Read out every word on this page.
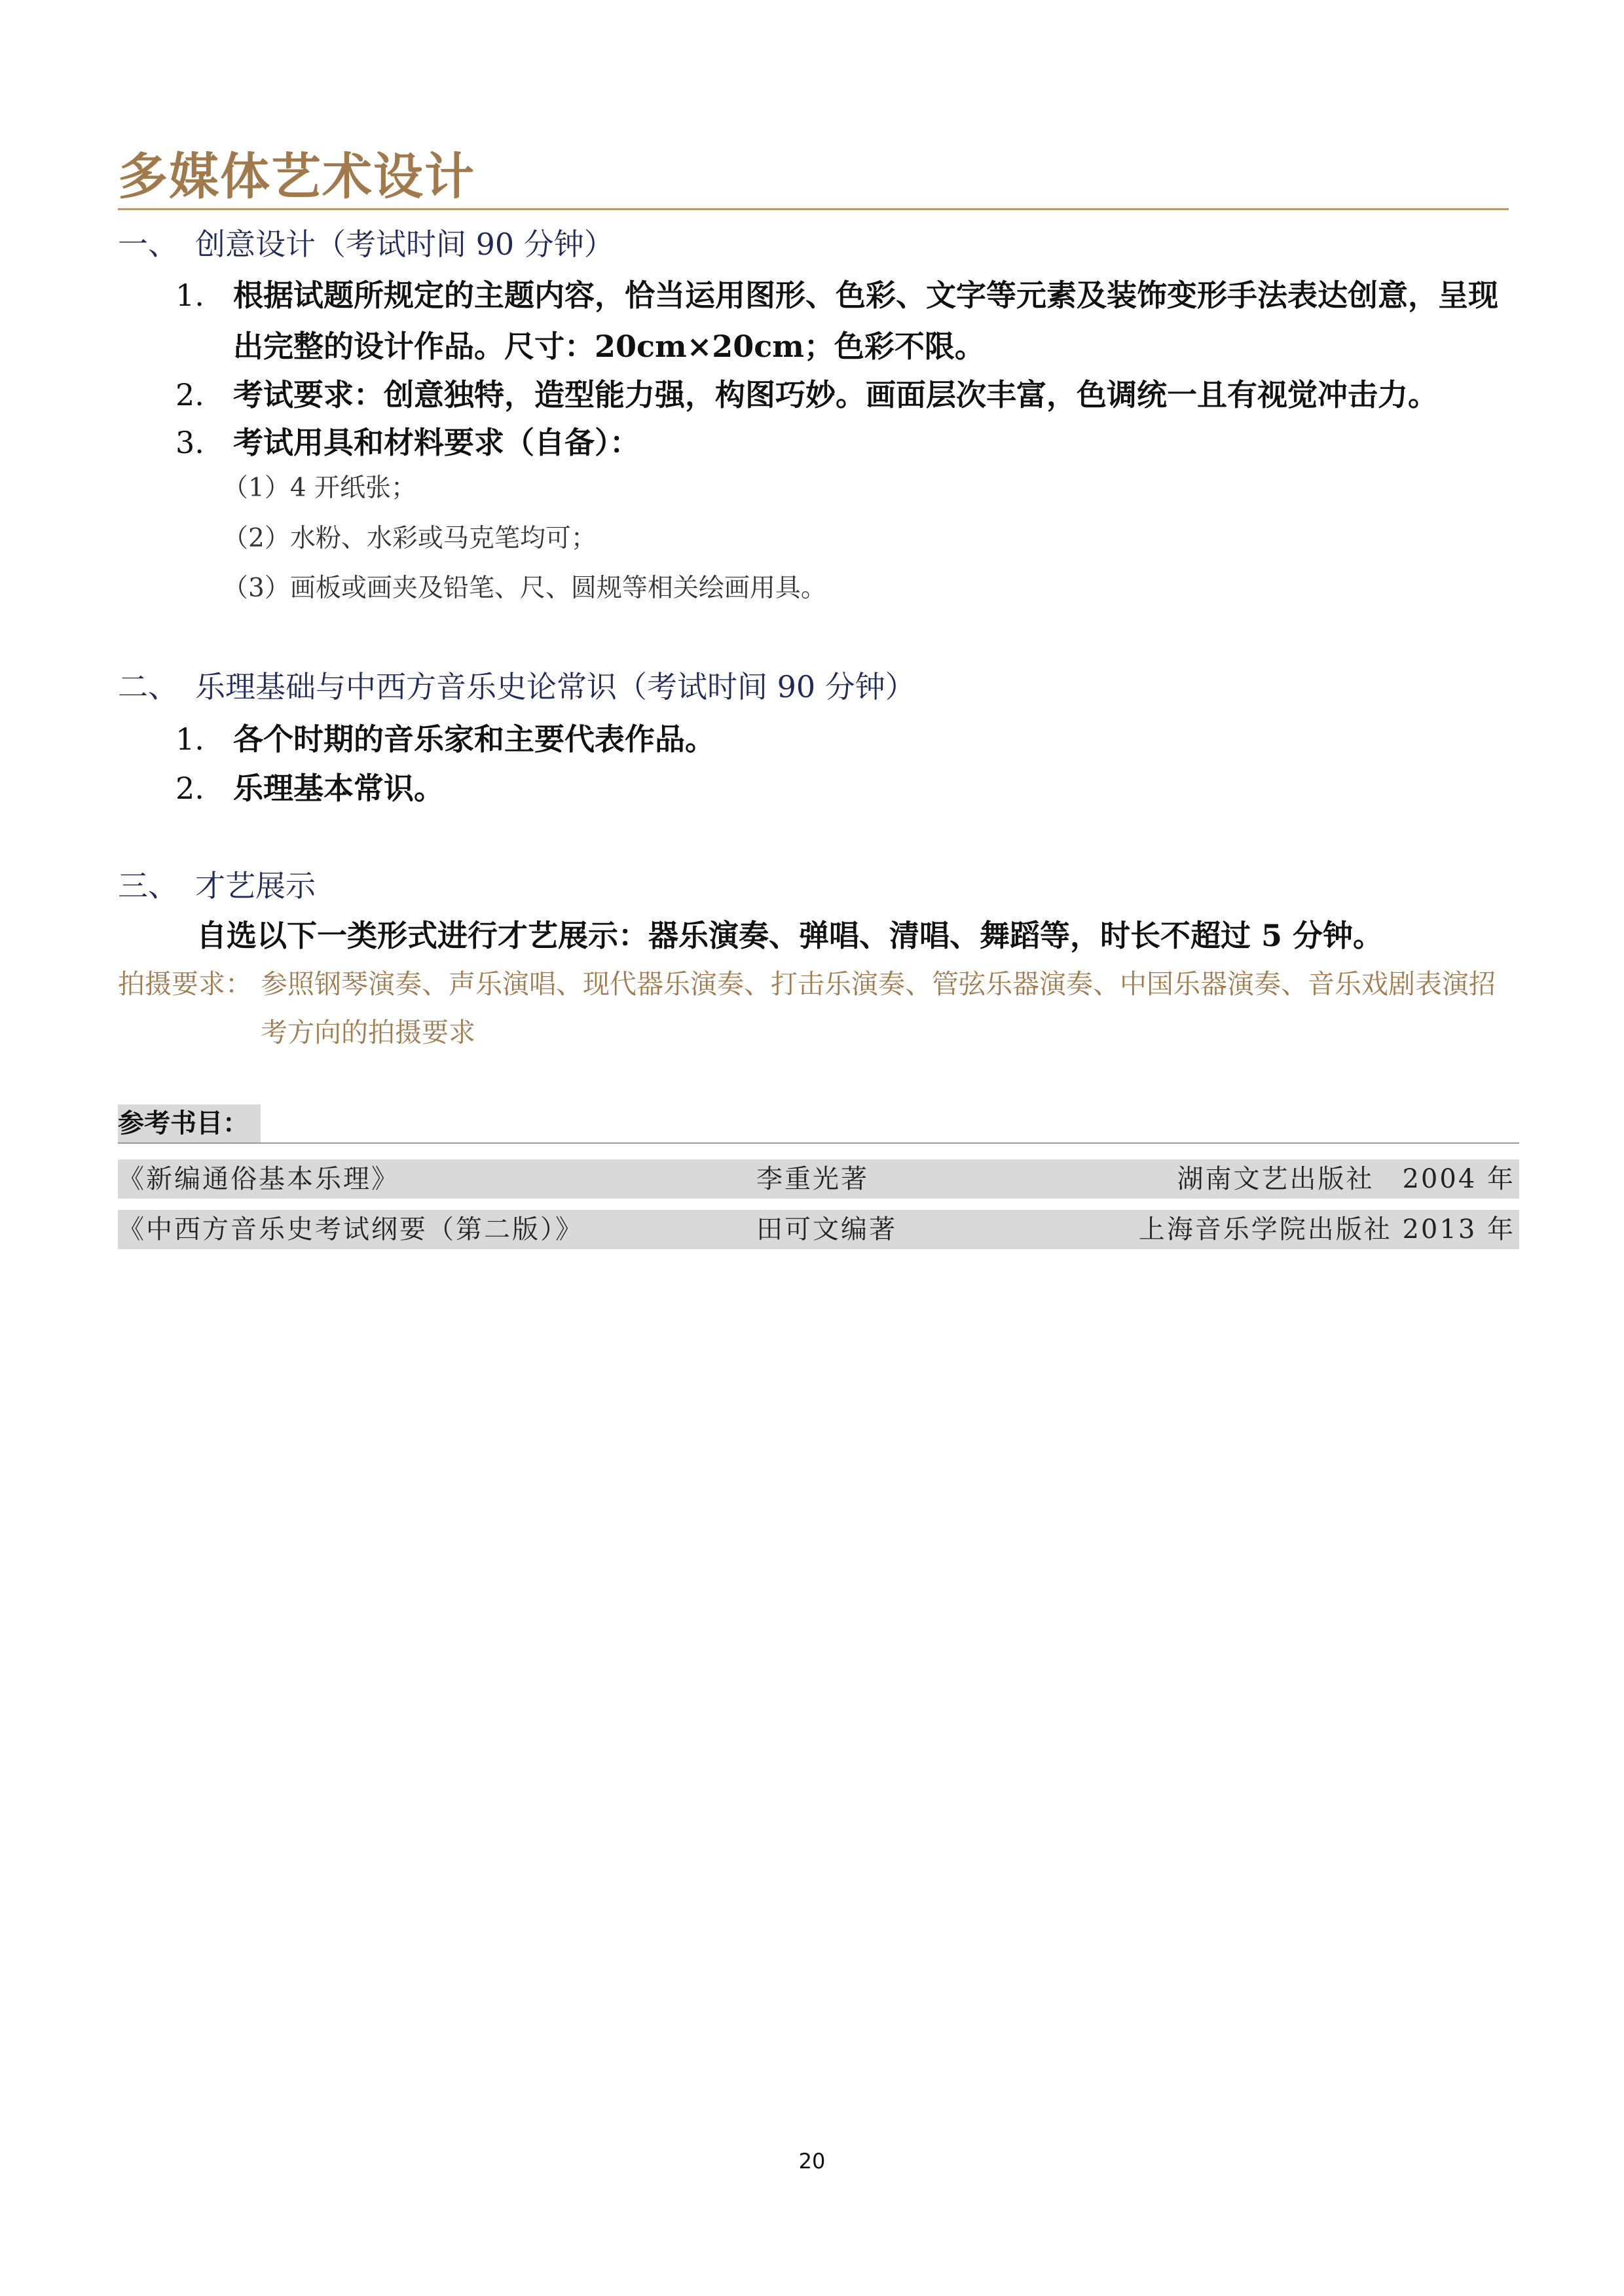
多媒体艺术设计
一、 创意设计（考试时间 90 分钟）
1. 根据试题所规定的主题内容，恰当运用图形、色彩、文字等元素及装饰变形手法表达创意，呈现出完整的设计作品。尺寸：20cm×20cm；色彩不限。
2. 考试要求：创意独特，造型能力强，构图巧妙。画面层次丰富，色调统一且有视觉冲击力。
3. 考试用具和材料要求（自备）：
（1）4 开纸张；
（2）水粉、水彩或马克笔均可；
（3）画板或画夹及铅笔、尺、圆规等相关绘画用具。
二、 乐理基础与中西方音乐史论常识（考试时间 90 分钟）
1. 各个时期的音乐家和主要代表作品。
2. 乐理基本常识。
三、 才艺展示
自选以下一类形式进行才艺展示：器乐演奏、弹唱、清唱、舞蹈等，时长不超过 5 分钟。
拍摄要求： 参照钢琴演奏、声乐演唱、现代器乐演奏、打击乐演奏、管弦乐器演奏、中国乐器演奏、音乐戏剧表演招考方向的拍摄要求
参考书目：
《新编通俗基本乐理》	李重光著	湖南文艺出版社　2004 年
《中西方音乐史考试纲要（第二版）》	田可文编著	上海音乐学院出版社 2013 年
20
